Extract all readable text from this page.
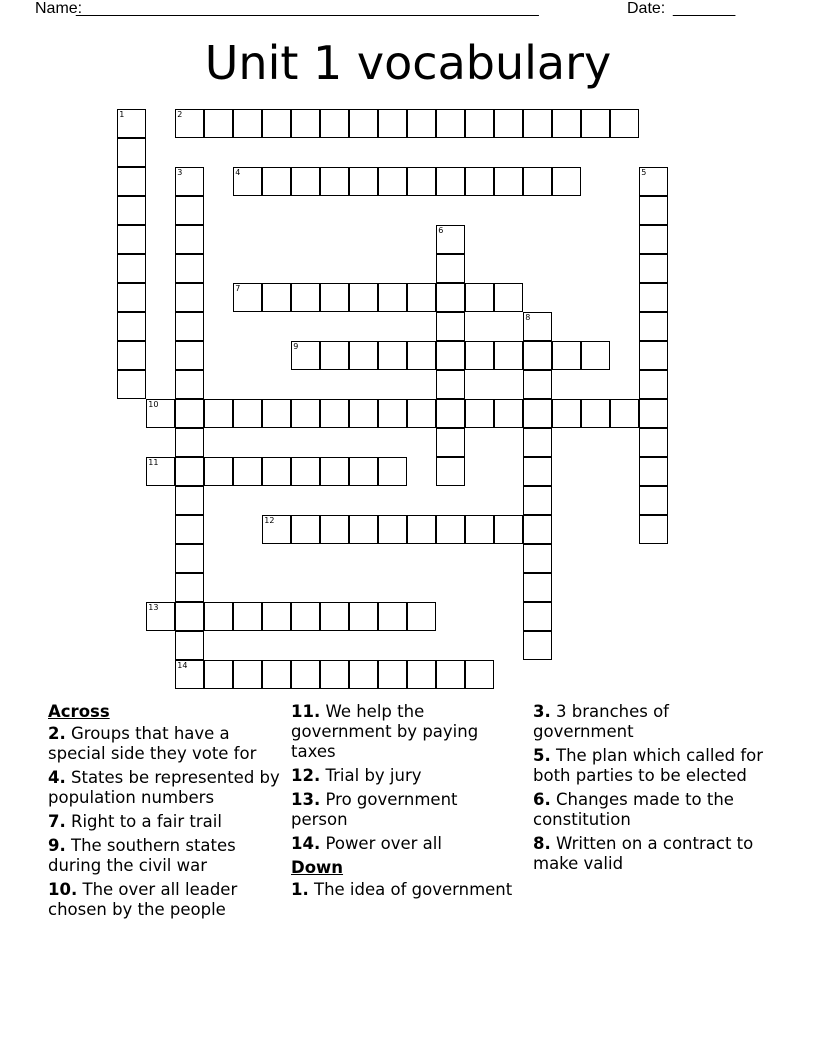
Name:
____________________________________________________	Date: _______
Unit 1 vocabulary
1	2
3
14
4	5
6
7
8
9
10
11
12
13
Across
2. Groups that have a special side they vote for
4. States be represented by population numbers
7. Right to a fair trail
9. The southern states during the civil war
10. The over all leader chosen by the people
11. We help the government by paying taxes
12. Trial by jury
13. Pro government person
14. Power over all
Down
1. The idea of government
3. 3 branches of government
5. The plan which called for both parties to be elected
6. Changes made to the constitution
8. Written on a contract to make valid
